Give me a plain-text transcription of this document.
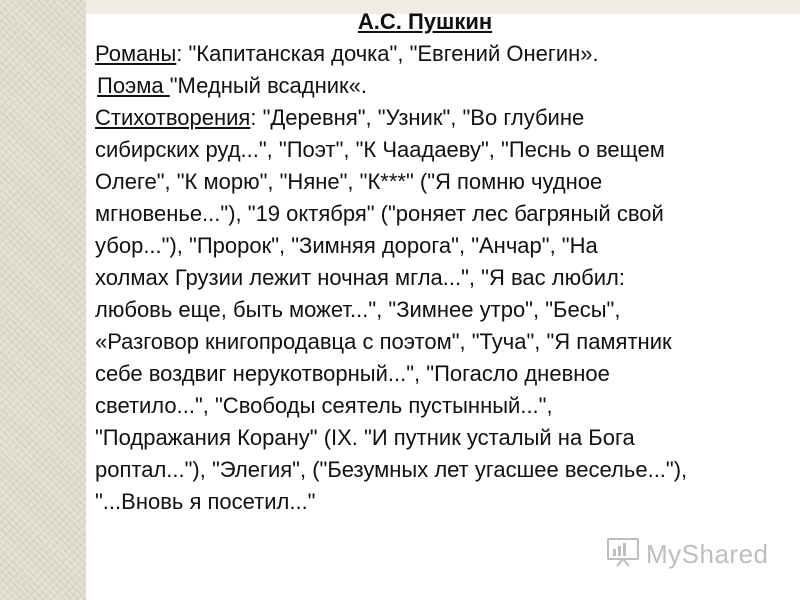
А.С. Пушкин
Романы: "Капитанская дочка", "Евгений Онегин».
Поэма "Медный всадник«.
Стихотворения: "Деревня", "Узник", "Во глубине
сибирских руд...", "Поэт", "К Чаадаеву", "Песнь о вещем
Олеге", "К морю", "Няне", "К***" ("Я помню чудное
мгновенье..."), "19 октября" ("роняет лес багряный свой
убор..."), "Пророк", "Зимняя дорога", "Анчар", "На
холмах Грузии лежит ночная мгла...", "Я вас любил:
любовь еще, быть может...", "Зимнее утро", "Бесы",
«Разговор книгопродавца с поэтом", "Туча", "Я памятник
себе воздвиг нерукотворный...", "Погасло дневное
светило...", "Свободы сеятель пустынный...",
"Подражания Корану" (IX. "И путник усталый на Бога
роптал..."), "Элегия", ("Безумных лет угасшее веселье..."),
"...Вновь я посетил..."
MyShared
